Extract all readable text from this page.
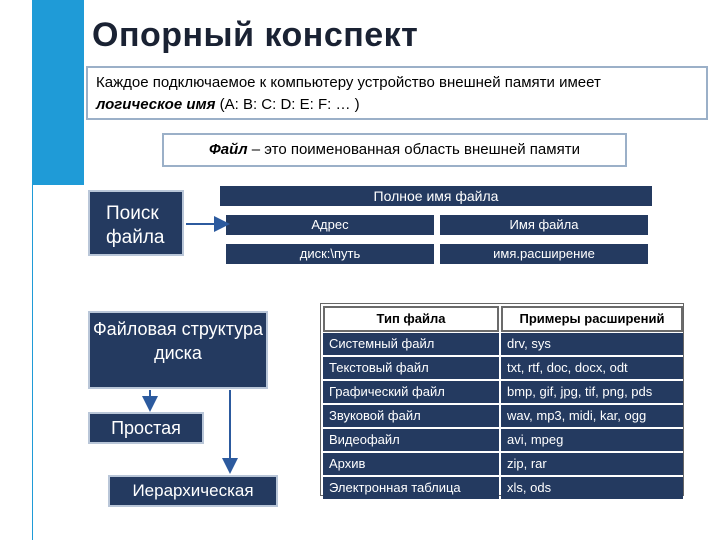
Опорный конспект
Каждое подключаемое к компьютеру устройство внешней памяти имеет
логическое имя (A: B: C: D: E: F: … )
Файл – это поименованная область внешней памяти
Поиск файла
Файловая структура диска
Простая
Иерархическая
Полное имя файла
Адрес	Имя файла
диск:\путь	имя.расширение
Тип файла	Примеры расширений
Системный файл	drv, sys
Текстовый файл	txt, rtf, doc, docx, odt
Графический файл	bmp, gif, jpg, tif, png, pds
Звуковой файл	wav, mp3, midi, kar, ogg
Видеофайл	avi, mpeg
Архив	zip, rar
Электронная таблица	xls, ods
